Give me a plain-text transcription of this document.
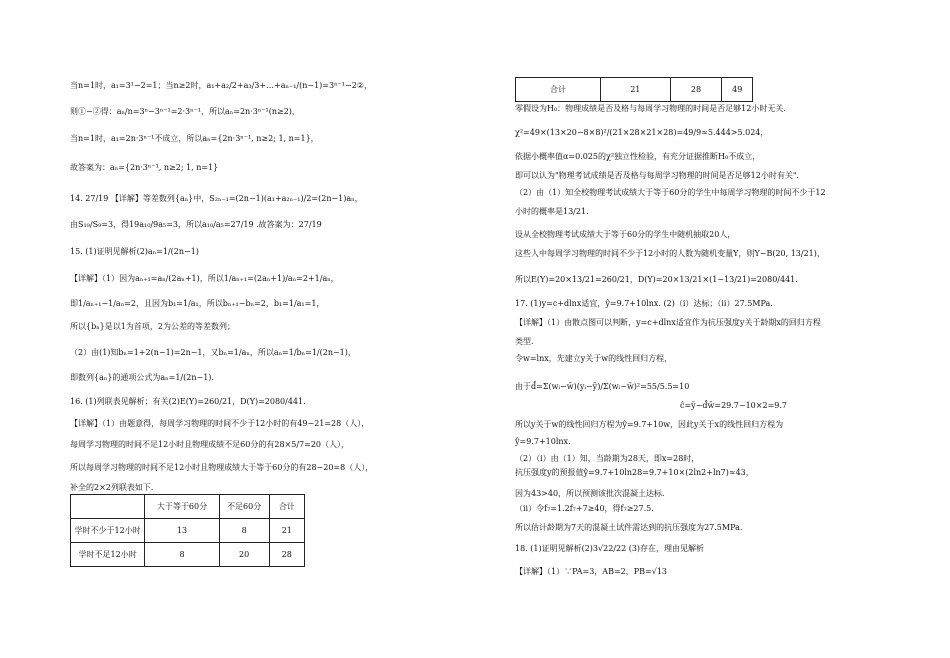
当n=1时，a₁=3¹−2=1；当n≥2时，a₁+a₂/2+a₃/3+…+aₙ₋₁/(n−1)=3ⁿ⁻¹−2②，
则①−②得：aₙ/n=3ⁿ−3ⁿ⁻¹=2·3ⁿ⁻¹，所以aₙ=2n·3ⁿ⁻¹(n≥2)，
当n=1时，a₁=2n·3ⁿ⁻¹不成立，所以aₙ={2n·3ⁿ⁻¹, n≥2; 1, n=1}，
故答案为：aₙ={2n·3ⁿ⁻¹, n≥2; 1, n=1}
14. 27/19 【详解】等差数列{aₙ}中，S₂ₙ₋₁=(2n−1)(a₁+a₂ₙ₋₁)/2=(2n−1)aₙ，
由S₁₉/S₉=3，得19a₁₀/9a₅=3，所以a₁₀/a₅=27/19 .故答案为：27/19
15. (1)证明见解析(2)aₙ=1/(2n−1)
【详解】（1）因为aₙ₊₁=aₙ/(2aₙ+1)，所以1/aₙ₊₁=(2aₙ+1)/aₙ=2+1/aₙ，
即1/aₙ₊₁−1/aₙ=2，且因为b₁=1/a₁，所以bₙ₊₁−bₙ=2，b₁=1/a₁=1，
所以{bₙ}是以1为首项，2为公差的等差数列；
（2）由(1)知bₙ=1+2(n−1)=2n−1，又bₙ=1/aₙ，所以aₙ=1/bₙ=1/(2n−1)，
即数列{aₙ}的通项公式为aₙ=1/(2n−1).
16. (1)列联表见解析；有关(2)E(Y)=260/21，D(Y)=2080/441.
【详解】（1）由题意得，每周学习物理的时间不少于12小时的有49−21=28（人），
每周学习物理的时间不足12小时且物理成绩不足60分的有28×5/7=20（人），
所以每周学习物理的时间不足12小时且物理成绩大于等于60分的有28−20=8（人），
补全的2×2列联表如下.
	大于等于60分	不足60分	合计
学时不少于12小时	13	8	21
学时不足12小时	8	20	28
合计	21	28	49
零假设为H₀：物理成绩是否及格与每周学习物理的时间是否足够12小时无关.
χ²=49×(13×20−8×8)²/(21×28×21×28)=49/9≈5.444>5.024，
依据小概率值α=0.025的χ²独立性检验，有充分证据推断H₀不成立，
即可以认为"物理考试成绩是否及格与每周学习物理的时间是否足够12小时有关".
（2）由（1）知全校物理考试成绩大于等于60分的学生中每周学习物理的时间不少于12
小时的概率是13/21.
设从全校物理考试成绩大于等于60分的学生中随机抽取20人，
这些人中每周学习物理的时间不少于12小时的人数为随机变量Y，则Y~B(20, 13/21)，
所以E(Y)=20×13/21=260/21，D(Y)=20×13/21×(1−13/21)=2080/441.
17. (1)y=c+dlnx适宜，ŷ=9.7+10lnx. (2)（i）达标；（ii）27.5MPa.
【详解】（1）由散点图可以判断，y=c+dlnx适宜作为抗压强度y关于龄期x的回归方程
类型.
令w=lnx，先建立y关于w的线性回归方程，
由于d̂=Σ(wᵢ−w̄)(yᵢ−ȳ)/Σ(wᵢ−w̄)²=55/5.5=10
ĉ=ȳ−d̂w̄=29.7−10×2=9.7
所以y关于w的线性回归方程为ŷ=9.7+10w，因此y关于x的线性回归方程为
ŷ=9.7+10lnx.
（2）（i）由（1）知，当龄期为28天，即x=28时，
抗压强度y的预报值ŷ=9.7+10ln28=9.7+10×(2ln2+ln7)≈43，
因为43>40，所以预测该批次混凝土达标.
（ii）令f₇=1.2f₇+7≥40，得f₇≥27.5.
所以估计龄期为7天的混凝土试件需达到的抗压强度为27.5MPa.
18. (1)证明见解析(2)3√22/22 (3)存在，理由见解析
【详解】（1）∵PA=3，AB=2，PB=√13
